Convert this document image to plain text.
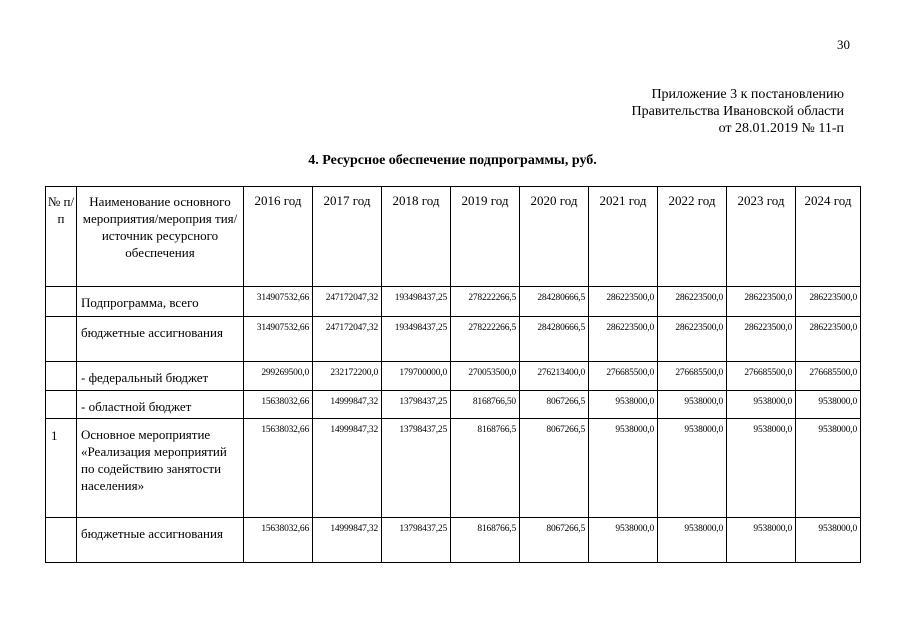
30
Приложение 3 к постановлению
Правительства Ивановской области
от 28.01.2019 № 11-п
4. Ресурсное обеспечение подпрограммы, руб.
№ п/п	Наименование основного мероприятия/мероприя тия/источник ресурсного обеспечения	2016 год	2017 год	2018 год	2019 год	2020 год	2021 год	2022 год	2023 год	2024 год
	Подпрограмма, всего	314907532,66	247172047,32	193498437,25	278222266,5	284280666,5	286223500,0	286223500,0	286223500,0	286223500,0
	бюджетные ассигнования	314907532,66	247172047,32	193498437,25	278222266,5	284280666,5	286223500,0	286223500,0	286223500,0	286223500,0
	- федеральный бюджет	299269500,0	232172200,0	179700000,0	270053500,0	276213400,0	276685500,0	276685500,0	276685500,0	276685500,0
	- областной бюджет	15638032,66	14999847,32	13798437,25	8168766,50	8067266,5	9538000,0	9538000,0	9538000,0	9538000,0
1	Основное мероприятие «Реализация мероприятий по содействию занятости населения»	15638032,66	14999847,32	13798437,25	8168766,5	8067266,5	9538000,0	9538000,0	9538000,0	9538000,0
	бюджетные ассигнования	15638032,66	14999847,32	13798437,25	8168766,5	8067266,5	9538000,0	9538000,0	9538000,0	9538000,0
